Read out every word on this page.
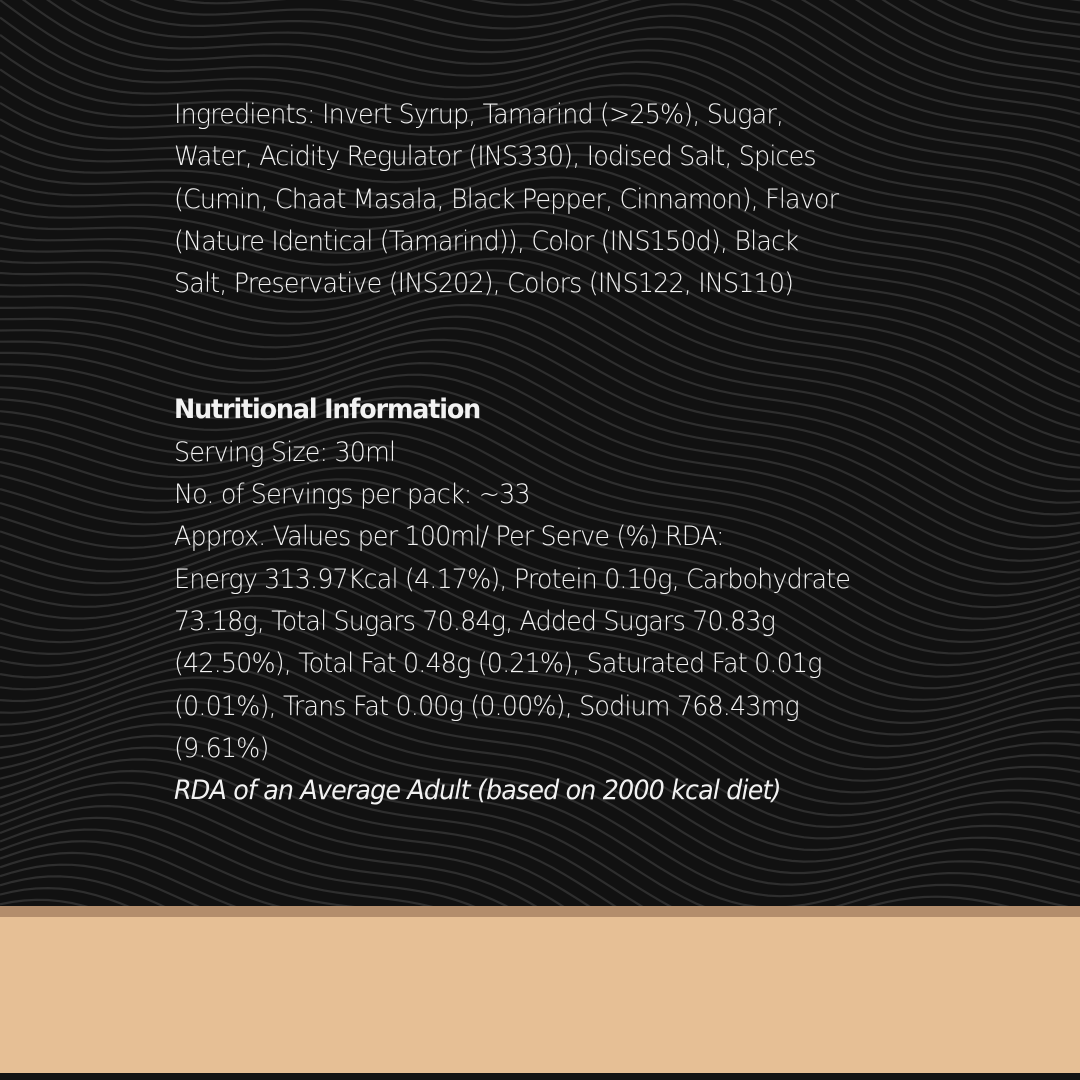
Ingredients: Invert Syrup, Tamarind (>25%), Sugar, Water, Acidity Regulator (INS330), Iodised Salt, Spices (Cumin, Chaat Masala, Black Pepper, Cinnamon), Flavor (Nature Identical (Tamarind)), Color (INS150d), Black Salt, Preservative (INS202), Colors (INS122, INS110)

Nutritional Information

Serving Size: 30ml

No. of Servings per pack: ~33

Approx. Values per 100ml/ Per Serve (%) RDA:

Energy 313.97Kcal (4.17%), Protein 0.10g, Carbohydrate 73.18g, Total Sugars 70.84g, Added Sugars 70.83g (42.50%), Total Fat 0.48g (0.21%), Saturated Fat 0.01g (0.01%), Trans Fat 0.00g (0.00%), Sodium 768.43mg (9.61%)

RDA of an Average Adult (based on 2000 kcal diet)
